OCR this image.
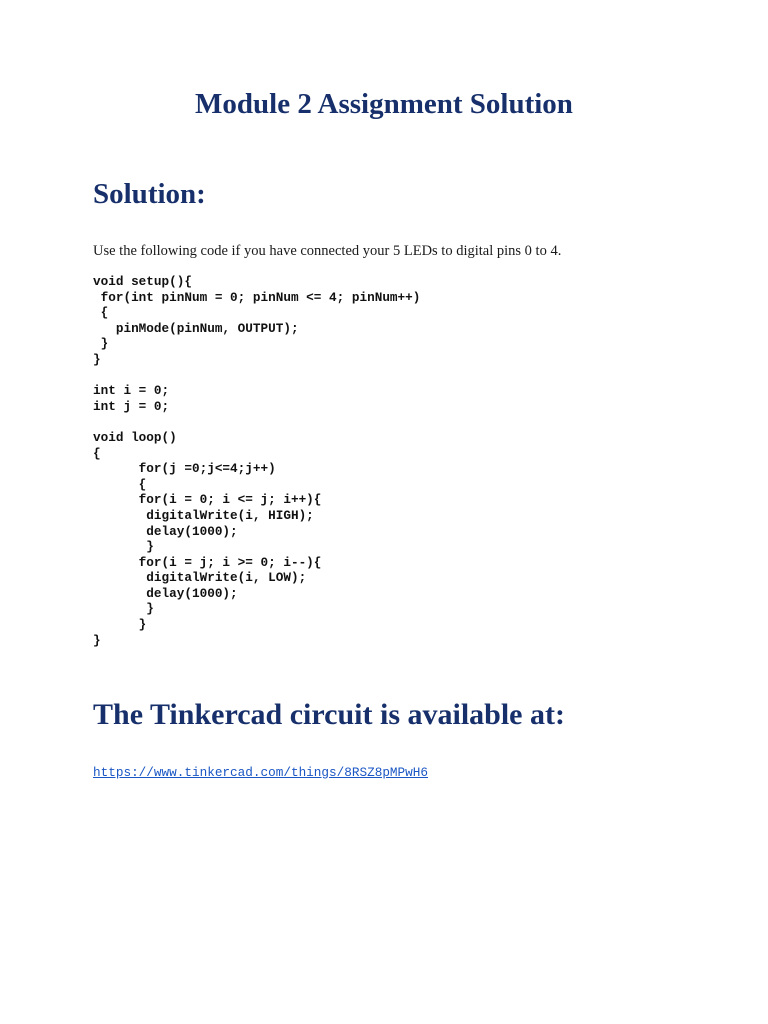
Module 2 Assignment Solution
Solution:

Use the following code if you have connected your 5 LEDs to digital pins 0 to 4.

void setup(){
for(int pinNum = 0; pinNum <= 4; pinNum++)
{
pinMode(pinNum, OUTPUT);
}
}
int i = 0;
int j = 0;
void loop()
{
for(j =0;j<=4;j++)
{
for(i = 0; i <= j; i++){
digitalWrite(i, HIGH);
delay(1000);
}
for(i = j; i >= 0; i--){
digitalWrite(i, LOW);
delay(1000);
}
}
}
The Tinkercad circuit is available at:
https://www.tinkercad.com/things/8RSZ8pMPwH6
